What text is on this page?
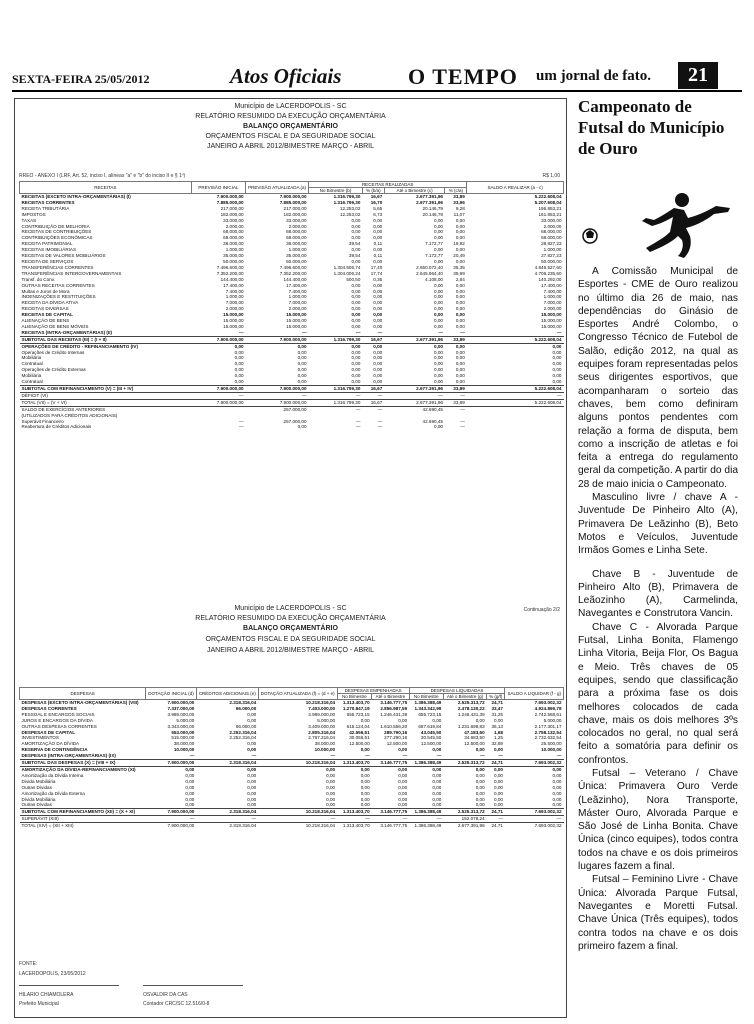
SEXTA-FEIRA 25/05/2012	Atos Oficiais	O TEMPO um jornal de fato.	21
Município de LACERDOPOLIS - SC
RELATÓRIO RESUMIDO DA EXECUÇÃO ORÇAMENTÁRIA
BALANÇO ORÇAMENTÁRIO
ORÇAMENTOS FISCAL E DA SEGURIDADE SOCIAL
JANEIRO A ABRIL 2012/BIMESTRE MARÇO - ABRIL
RREO - ANEXO I (LRF, Art. 52, inciso I, alíneas "a" e "b" do inciso II e § 1º)	R$ 1,00
RECEITAS	PREVISÃO INICIAL	PREVISÃO ATUALIZADA (a)	RECEITAS REALIZADAS				SALDO A REALIZAR (a - c)
			No Bimestre (b)	% (b/a)	Até o Bimestre (c)	% (c/a)	
RECEITAS (EXCETO INTRA-ORÇAMENTÁRIAS) (I)	7.900.000,00	7.900.000,00	1.316.799,30	16,67	2.677.391,96	33,89	5.222.608,04
RECEITAS CORRENTES	7.885.000,00	7.885.000,00	1.316.799,30	16,70	2.677.391,96	33,96	5.207.608,04
RECEITA TRIBUTÁRIA	217.000,00	217.000,00	12.253,02	5,65	20.146,79	9,28	196.853,21
IMPOSTOS	182.000,00	182.000,00	12.253,02	6,73	20.146,79	11,07	161.853,21
TAXAS	33.000,00	33.000,00	0,00	0,00	0,00	0,00	33.000,00
CONTRIBUIÇÃO DE MELHORIA	2.000,00	2.000,00	0,00	0,00	0,00	0,00	2.000,00
RECEITAS DE CONTRIBUIÇÕES	68.000,00	68.000,00	0,00	0,00	0,00	0,00	68.000,00
CONTRIBUIÇÕES ECONÔMICAS	68.000,00	68.000,00	0,00	0,00	0,00	0,00	68.000,00
RECEITA PATRIMONIAL	36.000,00	36.000,00	39,54	0,11	7.172,77	19,92	28.827,23
RECEITAS IMOBILIÁRIAS	1.000,00	1.000,00	0,00	0,00	0,00	0,00	1.000,00
RECEITAS DE VALORES MOBILIÁRIOS	35.000,00	35.000,00	39,54	0,11	7.172,77	20,49	27.827,23
RECEITA DE SERVIÇOS	50.000,00	50.000,00	0,00	0,00	0,00	0,00	50.000,00
TRANSFERÊNCIAS CORRENTES	7.496.600,00	7.496.600,00	1.304.506,74	17,40	2.650.072,40	35,35	4.846.527,60
TRANSFERÊNCIAS INTERGOVERNAMENTAIS	7.352.200,00	7.352.200,00	1.304.006,24	17,74	2.645.964,40	35,99	4.706.235,60
Transf. do Conv.	144.400,00	144.400,00	500,50	0,35	4.108,00	2,84	140.292,00
OUTRAS RECEITAS CORRENTES	17.400,00	17.400,00	0,00	0,00	0,00	0,00	17.400,00
Multas e Juros de Mora	7.400,00	7.400,00	0,00	0,00	0,00	0,00	7.400,00
INDENIZAÇÕES E RESTITUIÇÕES	1.000,00	1.000,00	0,00	0,00	0,00	0,00	1.000,00
RECEITA DA DÍVIDA ATIVA	7.000,00	7.000,00	0,00	0,00	0,00	0,00	7.000,00
RECEITAS DIVERSAS	2.000,00	2.000,00	0,00	0,00	0,00	0,00	2.000,00
RECEITAS DE CAPITAL	15.000,00	15.000,00	0,00	0,00	0,00	0,00	15.000,00
ALIENAÇÃO DE BENS	15.000,00	15.000,00	0,00	0,00	0,00	0,00	15.000,00
ALIENAÇÃO DE BENS MÓVEIS	15.000,00	15.000,00	0,00	0,00	0,00	0,00	15.000,00

RECEITAS (INTRA-ORÇAMENTÁRIAS) (II)	—	—	—	—	—	—	—

SUBTOTAL DAS RECEITAS (III) = (I + II)	7.900.000,00	7.900.000,00	1.316.799,30	16,67	2.677.391,96	33,89	5.222.608,04
OPERAÇÕES DE CRÉDITO - REFINANCIAMENTO (IV)	0,00	0,00	0,00	0,00	0,00	0,00	0,00

Operações de Crédito Internas	0,00	0,00	0,00	0,00	0,00	0,00	0,00
Mobiliária	0,00	0,00	0,00	0,00	0,00	0,00	0,00
Contratual	0,00	0,00	0,00	0,00	0,00	0,00	0,00
Operações de Crédito Externas	0,00	0,00	0,00	0,00	0,00	0,00	0,00
Mobiliária	0,00	0,00	0,00	0,00	0,00	0,00	0,00
Contratual	0,00	0,00	0,00	0,00	0,00	0,00	0,00
SUBTOTAL COM REFINANCIAMENTO (V) = (III + IV)	7.900.000,00	7.900.000,00	1.316.799,30	16,67	2.677.391,96	33,89	5.222.608,04
DÉFICIT (VI)	—	—	—	—	—	—	—
TOTAL (VII) = (V + VI)	7.900.000,00	7.900.000,00	1.316.799,30	16,67	2.677.391,96	33,89	5.222.608,04
SALDO DE EXERCÍCIOS ANTERIORES		257.000,00	—	—	42.690,45	—	
(UTILIZADOS PARA CRÉDITOS ADICIONAIS)							
Superávit Financeiro	—	257.000,00	—	—	42.690,45	—	
Reabertura de Créditos Adicionais	—	0,00	—	—	0,00	—	
Município de LACERDOPOLIS - SC
RELATÓRIO RESUMIDO DA EXECUÇÃO ORÇAMENTÁRIA
BALANÇO ORÇAMENTÁRIO
ORÇAMENTOS FISCAL E DA SEGURIDADE SOCIAL
JANEIRO A ABRIL 2012/BIMESTRE MARÇO - ABRIL
Continuação 2/2
DESPESAS	DOTAÇÃO INICIAL (d)	CRÉDITOS ADICIONAIS (e)	DOTAÇÃO ATUALIZADA (f) = (d + e)	DESPESAS EMPENHADAS		DESPESAS LIQUIDADAS			SALDO A LIQUIDAR (f - g)
				No Bimestre	Até o Bimestre	No Bimestre	Até o Bimestre (g)	% (g/f)	
DESPESAS (EXCETO INTRA-ORÇAMENTÁRIAS) (VIII)	7.900.000,00	2.318.316,04	10.218.316,04	1.313.403,70	3.146.777,75	1.386.388,49	2.525.313,72	24,71	7.693.002,32
DESPESAS CORRENTES	7.337.000,00	66.000,00	7.403.000,00	1.270.847,19	2.856.987,59	1.343.342,99	2.478.130,22	33,47	4.924.869,78
PESSOAL E ENCARGOS SOCIAIS	3.989.000,00	0,00	3.989.000,00	655.723,15	1.246.431,39	655.723,15	1.246.431,39	31,25	2.742.568,61
JUROS E ENCARGOS DA DÍVIDA	5.000,00	0,00	5.000,00	0,00	0,00	0,00	0,00	0,00	5.000,00
OUTRAS DESPESAS CORRENTES	3.343.000,00	66.000,00	3.409.000,00	615.124,04	1.610.556,20	687.619,84	1.231.698,83	36,13	2.177.301,17
DESPESAS DE CAPITAL	553.000,00	2.252.316,04	2.805.316,04	42.556,51	289.790,16	43.045,50	47.183,50	1,68	2.758.132,54
INVESTIMENTOS	515.000,00	2.252.316,04	2.767.316,04	30.056,51	277.290,16	30.545,50	34.683,50	1,25	2.732.632,54
AMORTIZAÇÃO DA DÍVIDA	38.000,00	0,00	38.000,00	12.500,00	12.500,00	12.500,00	12.500,00	32,89	25.500,00
RESERVA DE CONTINGÊNCIA	10.000,00	0,00	10.000,00	0,00	0,00	0,00	0,00	0,00	10.000,00
DESPESAS (INTRA-ORÇAMENTÁRIAS) (IX)	—	—	—	—	—	—	—	—	—

SUBTOTAL DAS DESPESAS (X) = (VIII + IX)	7.900.000,00	2.318.316,04	10.218.316,04	1.313.403,70	3.146.777,75	1.386.388,49	2.525.313,72	24,71	7.693.002,32
AMORTIZAÇÃO DA DÍVIDA-REFINANCIAMENTO (XI)	0,00	0,00	0,00	0,00	0,00	0,00	0,00	0,00	0,00

Amortização da Dívida Interna	0,00	0,00	0,00	0,00	0,00	0,00	0,00	0,00	0,00
Dívida Mobiliária	0,00	0,00	0,00	0,00	0,00	0,00	0,00	0,00	0,00
Outras Dívidas	0,00	0,00	0,00	0,00	0,00	0,00	0,00	0,00	0,00
Amortização da Dívida Externa	0,00	0,00	0,00	0,00	0,00	0,00	0,00	0,00	0,00
Dívida Mobiliária	0,00	0,00	0,00	0,00	0,00	0,00	0,00	0,00	0,00
Outras Dívidas	0,00	0,00	0,00	0,00	0,00	0,00	0,00	0,00	0,00
SUBTOTAL COM REFINANCIAMENTO (XII) = (X + XI)	7.900.000,00	2.318.316,04	10.218.316,04	1.313.403,70	3.146.777,75	1.386.388,49	2.525.313,72	24,71	7.693.002,32
SUPERÁVIT (XIII)	—	—	—	—	—	—	152.078,24	—	—
TOTAL (XIV) = (XII + XIII)	7.900.000,00	2.318.316,04	10.218.316,04	1.313.403,70	3.146.777,75	1.386.388,49	2.677.391,96	24,71	7.693.002,32
FONTE:
LACERDOPOLIS, 23/05/2012
HILARIO CHIAMOLERA
Prefeito Municipal
OSVALDIR DA CAS
Contador CRC/SC 12.516/0-8
Campeonato de Futsal do Município de Ouro

A Comissão Municipal de Esportes - CME de Ouro realizou no último dia 26 de maio, nas dependências do Ginásio de Esportes André Colombo, o Congresso Técnico de Futebol de Salão, edição 2012, na qual as equipes foram representadas pelos seus dirigentes esportivos, que acompanharam o sorteio das chaves, bem como definiram alguns pontos pendentes com relação a forma de disputa, bem como a inscrição de atletas e foi feita a entrega do regulamento geral da competição. A partir do dia 28 de maio inicia o Campeonato.

Masculino livre / chave A - Juventude De Pinheiro Alto (A), Primavera De Leãzinho (B), Beto Motos e Veículos, Juventude Irmãos Gomes e Linha Sete.

Chave B - Juventude de Pinheiro Alto (B), Primavera de Leãozinho (A), Carmelinda, Navegantes e Construtora Vancin.

Chave C - Alvorada Parque Futsal, Linha Bonita, Flamengo Linha Vitoria, Beija Flor, Os Bagua e Meio. Três chaves de 05 equipes, sendo que classificação para a próxima fase os dois melhores colocados de cada chave, mais os dois melhores 3ºs colocados no geral, no qual será feito a somatória para definir os confrontos.

Futsal – Veterano / Chave Única: Primavera Ouro Verde (Leãzinho), Nora Transporte, Máster Ouro, Alvorada Parque e São José de Linha Bonita. Chave Única (cinco equipes), todos contra todos na chave e os dois primeiros lugares fazem a final.

Futsal – Feminino Livre - Chave Única: Alvorada Parque Futsal, Navegantes e Moretti Futsal. Chave Única (Três equipes), todos contra todos na chave e os dois primeiro fazem a final.
